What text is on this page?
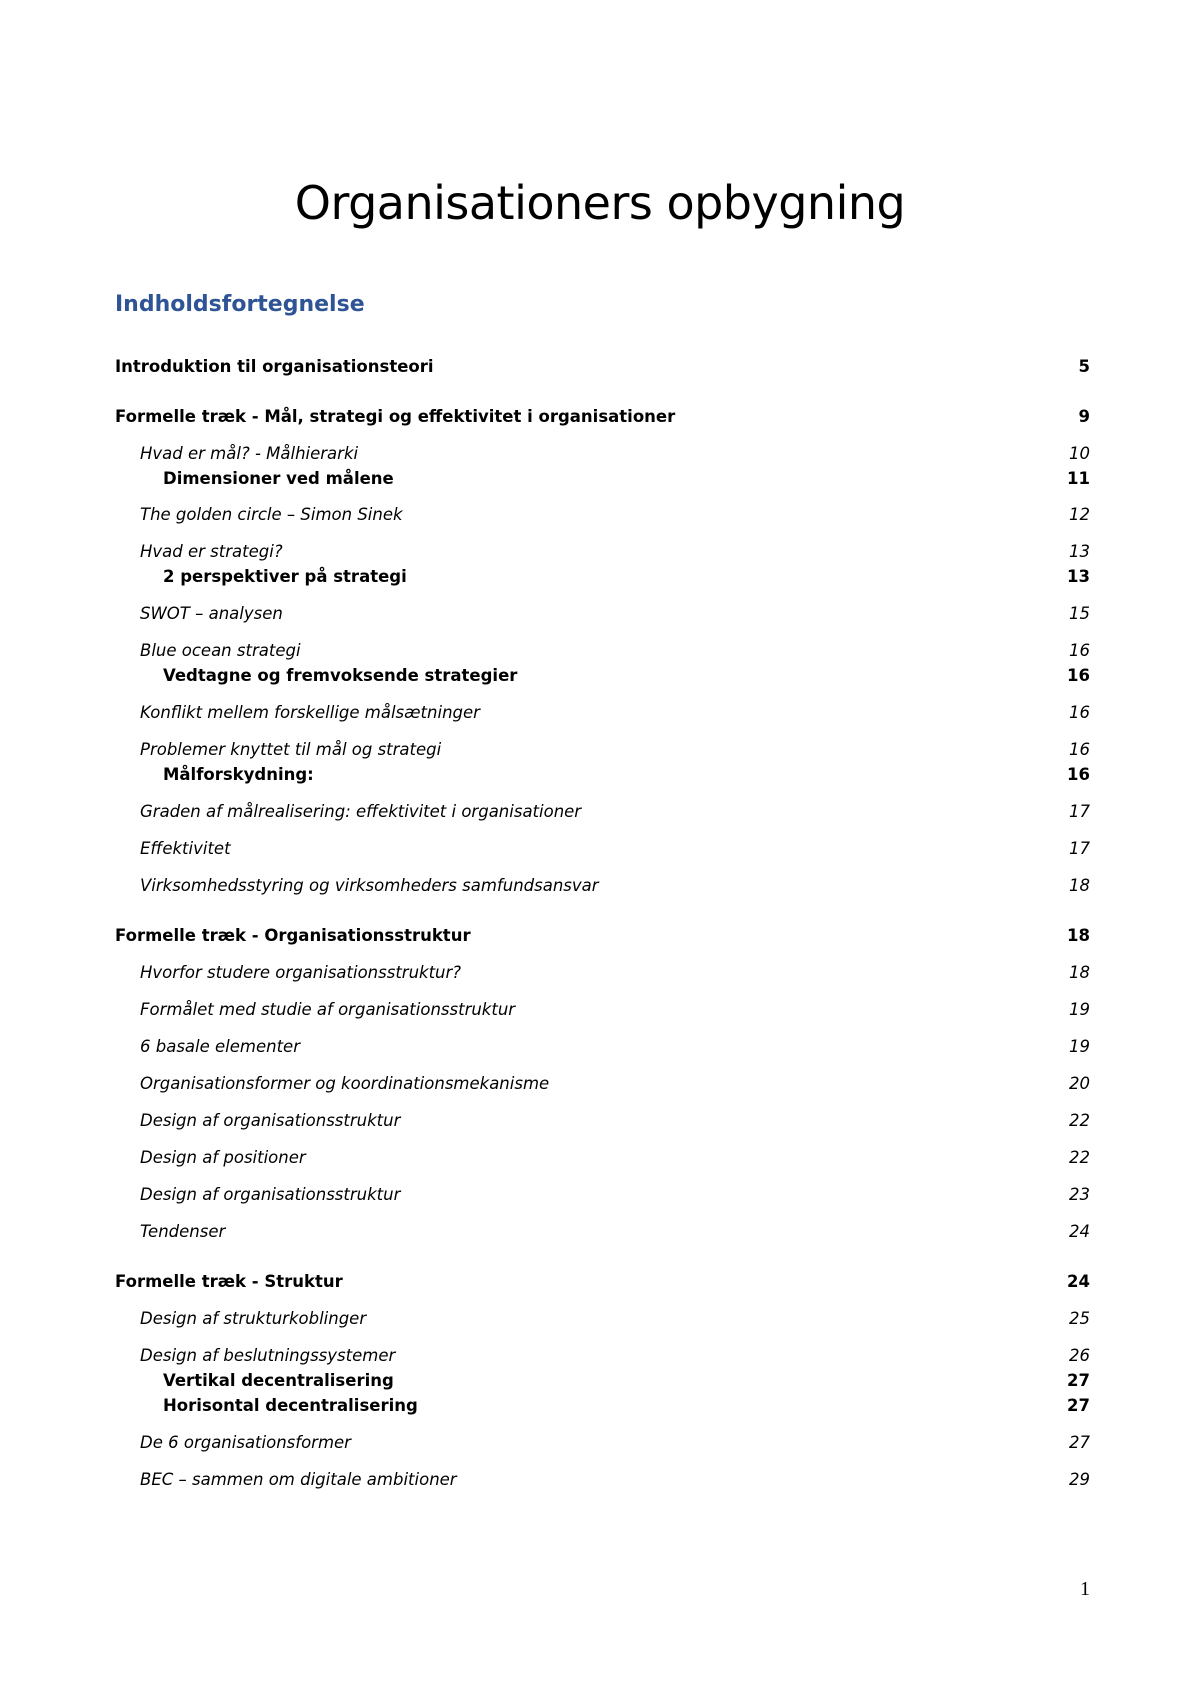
Organisationers opbygning
Indholdsfortegnelse
Introduktion til organisationsteori	5
Formelle træk - Mål, strategi og effektivitet i organisationer	9
Hvad er mål? - Målhierarki	10
Dimensioner ved målene	11
The golden circle – Simon Sinek	12
Hvad er strategi?	13
2 perspektiver på strategi	13
SWOT – analysen	15
Blue ocean strategi	16
Vedtagne og fremvoksende strategier	16
Konflikt mellem forskellige målsætninger	16
Problemer knyttet til mål og strategi	16
Målforskydning:	16
Graden af målrealisering: effektivitet i organisationer	17
Effektivitet	17
Virksomhedsstyring og virksomheders samfundsansvar	18
Formelle træk - Organisationsstruktur	18
Hvorfor studere organisationsstruktur?	18
Formålet med studie af organisationsstruktur	19
6 basale elementer	19
Organisationsformer og koordinationsmekanisme	20
Design af organisationsstruktur	22
Design af positioner	22
Design af organisationsstruktur	23
Tendenser	24
Formelle træk - Struktur	24
Design af strukturkoblinger	25
Design af beslutningssystemer	26
Vertikal decentralisering	27
Horisontal decentralisering	27
De 6 organisationsformer	27
BEC – sammen om digitale ambitioner	29
1
